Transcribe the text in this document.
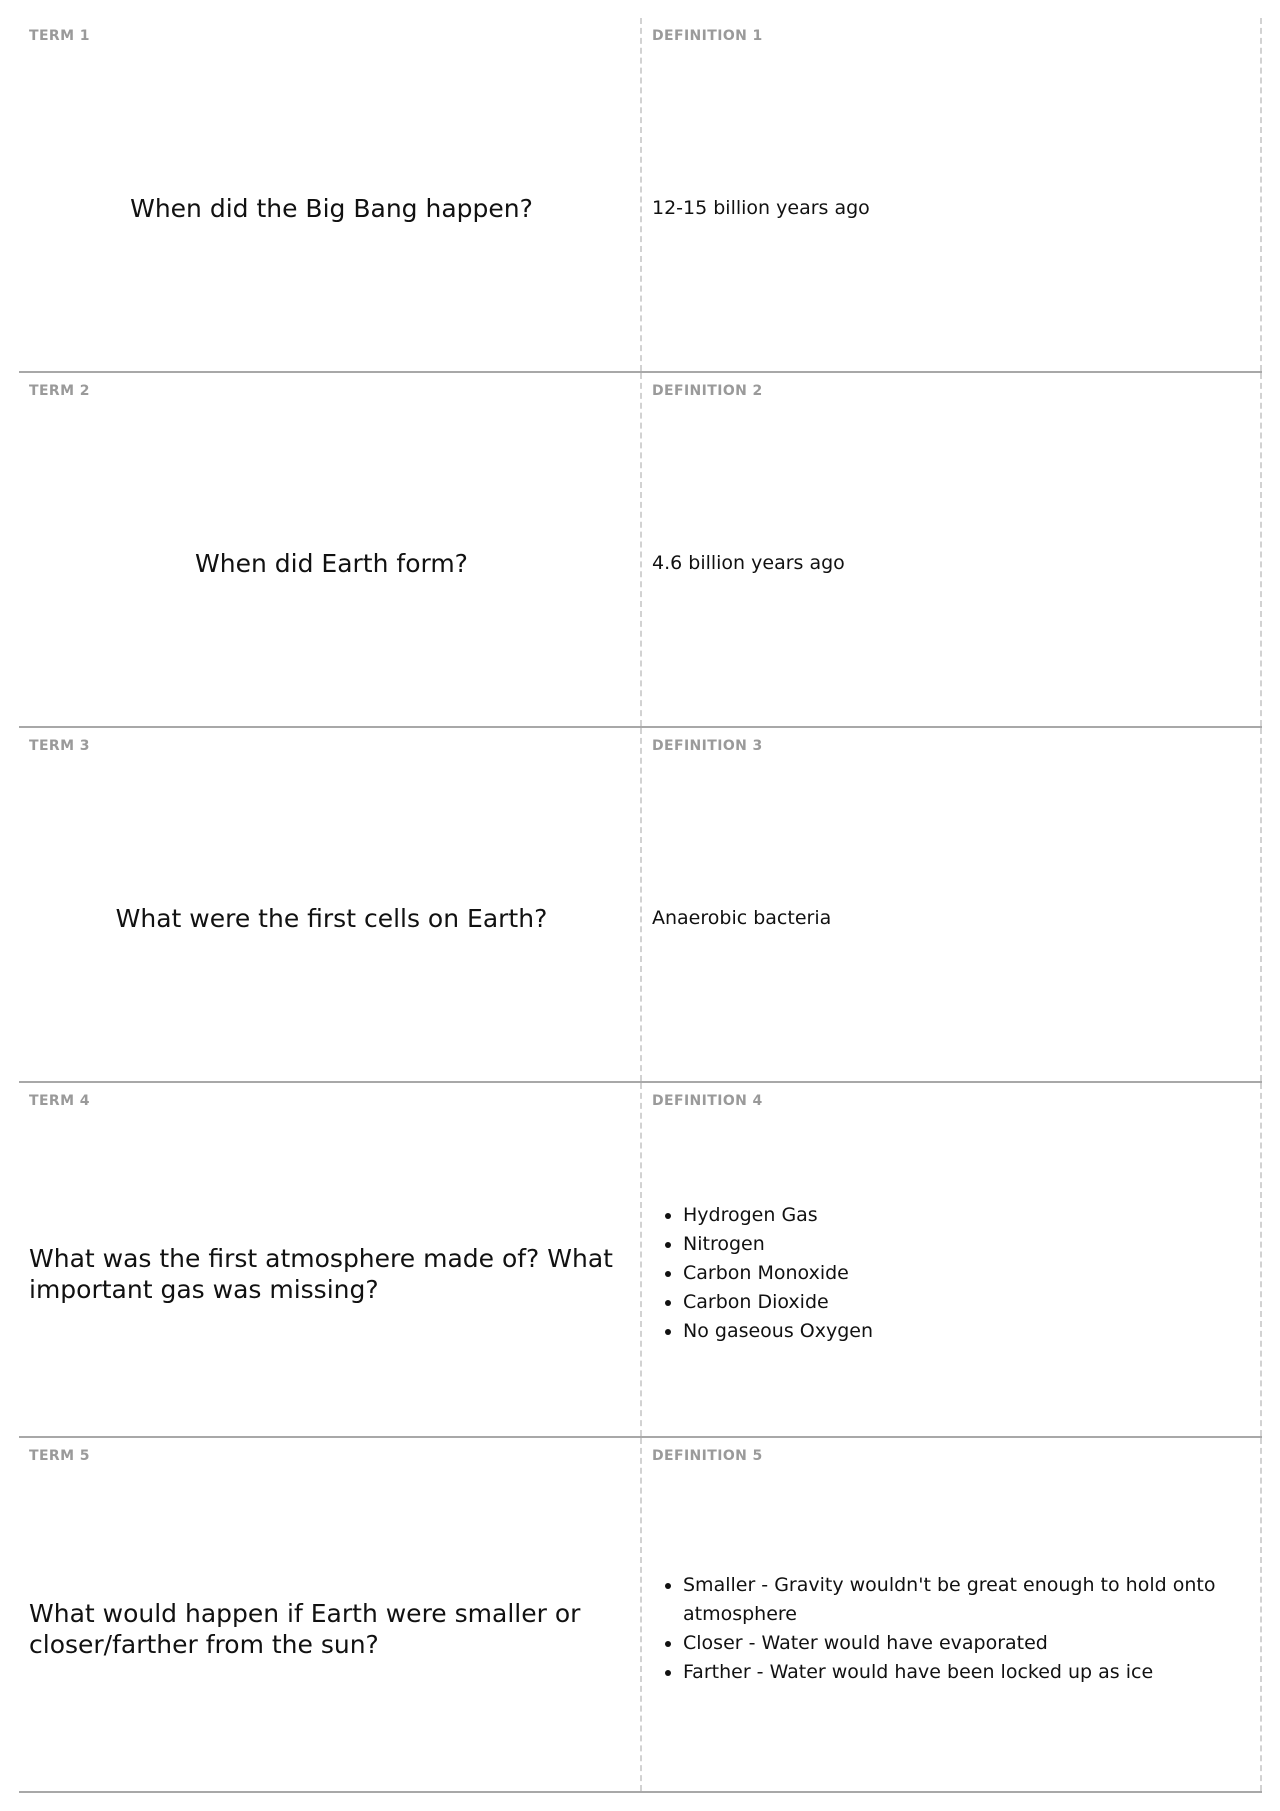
TERM 1
When did the Big Bang happen?
DEFINITION 1
12-15 billion years ago
TERM 2
When did Earth form?
DEFINITION 2
4.6 billion years ago
TERM 3
What were the first cells on Earth?
DEFINITION 3
Anaerobic bacteria
TERM 4
What was the first atmosphere made of? What important gas was missing?
DEFINITION 4
• Hydrogen Gas
• Nitrogen
• Carbon Monoxide
• Carbon Dioxide
• No gaseous Oxygen
TERM 5
What would happen if Earth were smaller or closer/farther from the sun?
DEFINITION 5
• Smaller - Gravity wouldn't be great enough to hold onto atmosphere
• Closer - Water would have evaporated
• Farther - Water would have been locked up as ice
